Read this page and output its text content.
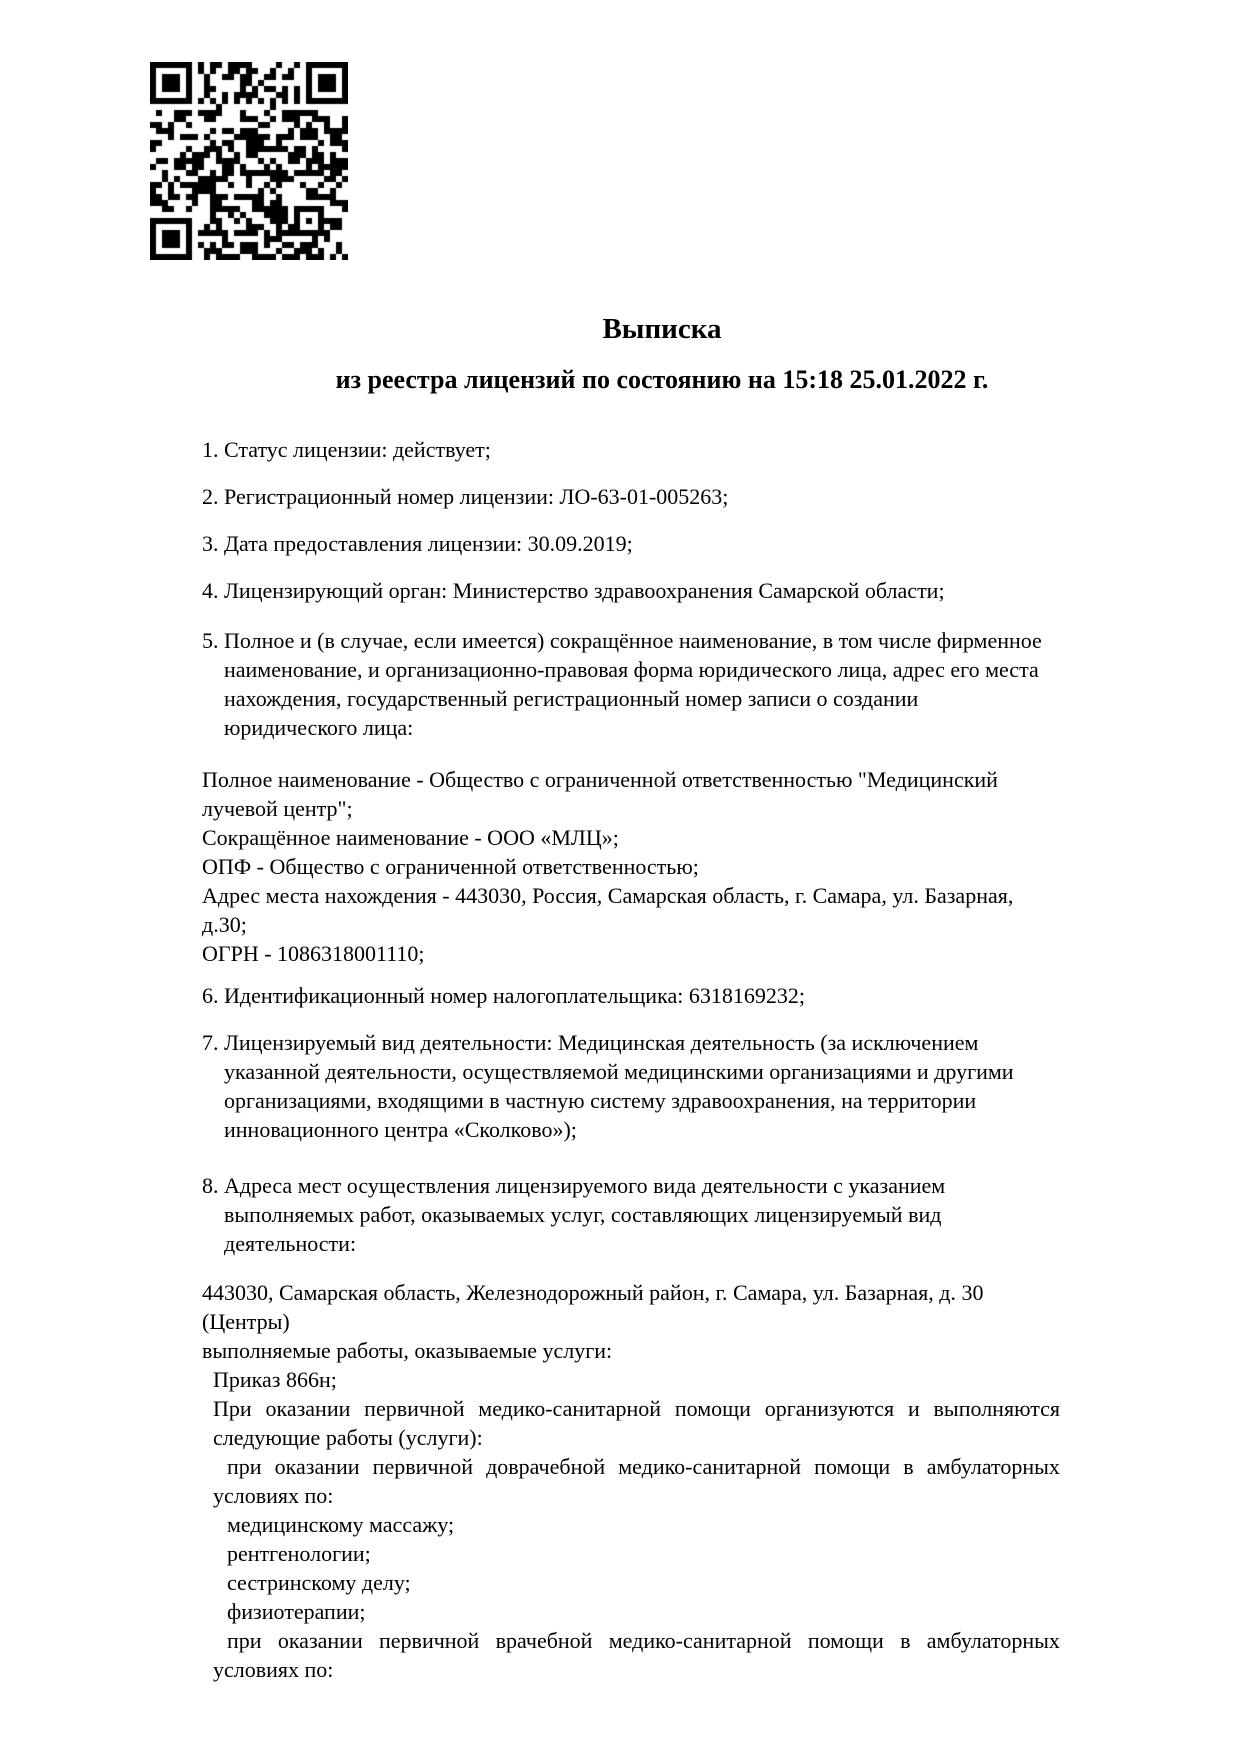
Выписка
из реестра лицензий по состоянию на 15:18 25.01.2022 г.
1. Статус лицензии: действует;
2. Регистрационный номер лицензии: ЛО-63-01-005263;
3. Дата предоставления лицензии: 30.09.2019;
4. Лицензирующий орган: Министерство здравоохранения Самарской области;
5. Полное и (в случае, если имеется) сокращённое наименование, в том числе фирменное
наименование, и организационно-правовая форма юридического лица, адрес его места
нахождения, государственный регистрационный номер записи о создании
юридического лица:
Полное наименование - Общество с ограниченной ответственностью "Медицинский
лучевой центр";
Сокращённое наименование - ООО «МЛЦ»;
ОПФ - Общество с ограниченной ответственностью;
Адрес места нахождения - 443030, Россия, Самарская область, г. Самара, ул. Базарная,
д.30;
ОГРН - 1086318001110;
6. Идентификационный номер налогоплательщика: 6318169232;
7. Лицензируемый вид деятельности: Медицинская деятельность (за исключением
указанной деятельности, осуществляемой медицинскими организациями и другими
организациями, входящими в частную систему здравоохранения, на территории
инновационного центра «Сколково»);
8. Адреса мест осуществления лицензируемого вида деятельности с указанием
выполняемых работ, оказываемых услуг, составляющих лицензируемый вид
деятельности:
443030, Самарская область, Железнодорожный район, г. Самара, ул. Базарная, д. 30
(Центры)
выполняемые работы, оказываемые услуги:
Приказ 866н;
При оказании первичной медико-санитарной помощи организуются и выполняются
следующие работы (услуги):
при оказании первичной доврачебной медико-санитарной помощи в амбулаторных
условиях по:
медицинскому массажу;
рентгенологии;
сестринскому делу;
физиотерапии;
при оказании первичной врачебной медико-санитарной помощи в амбулаторных
условиях по:
